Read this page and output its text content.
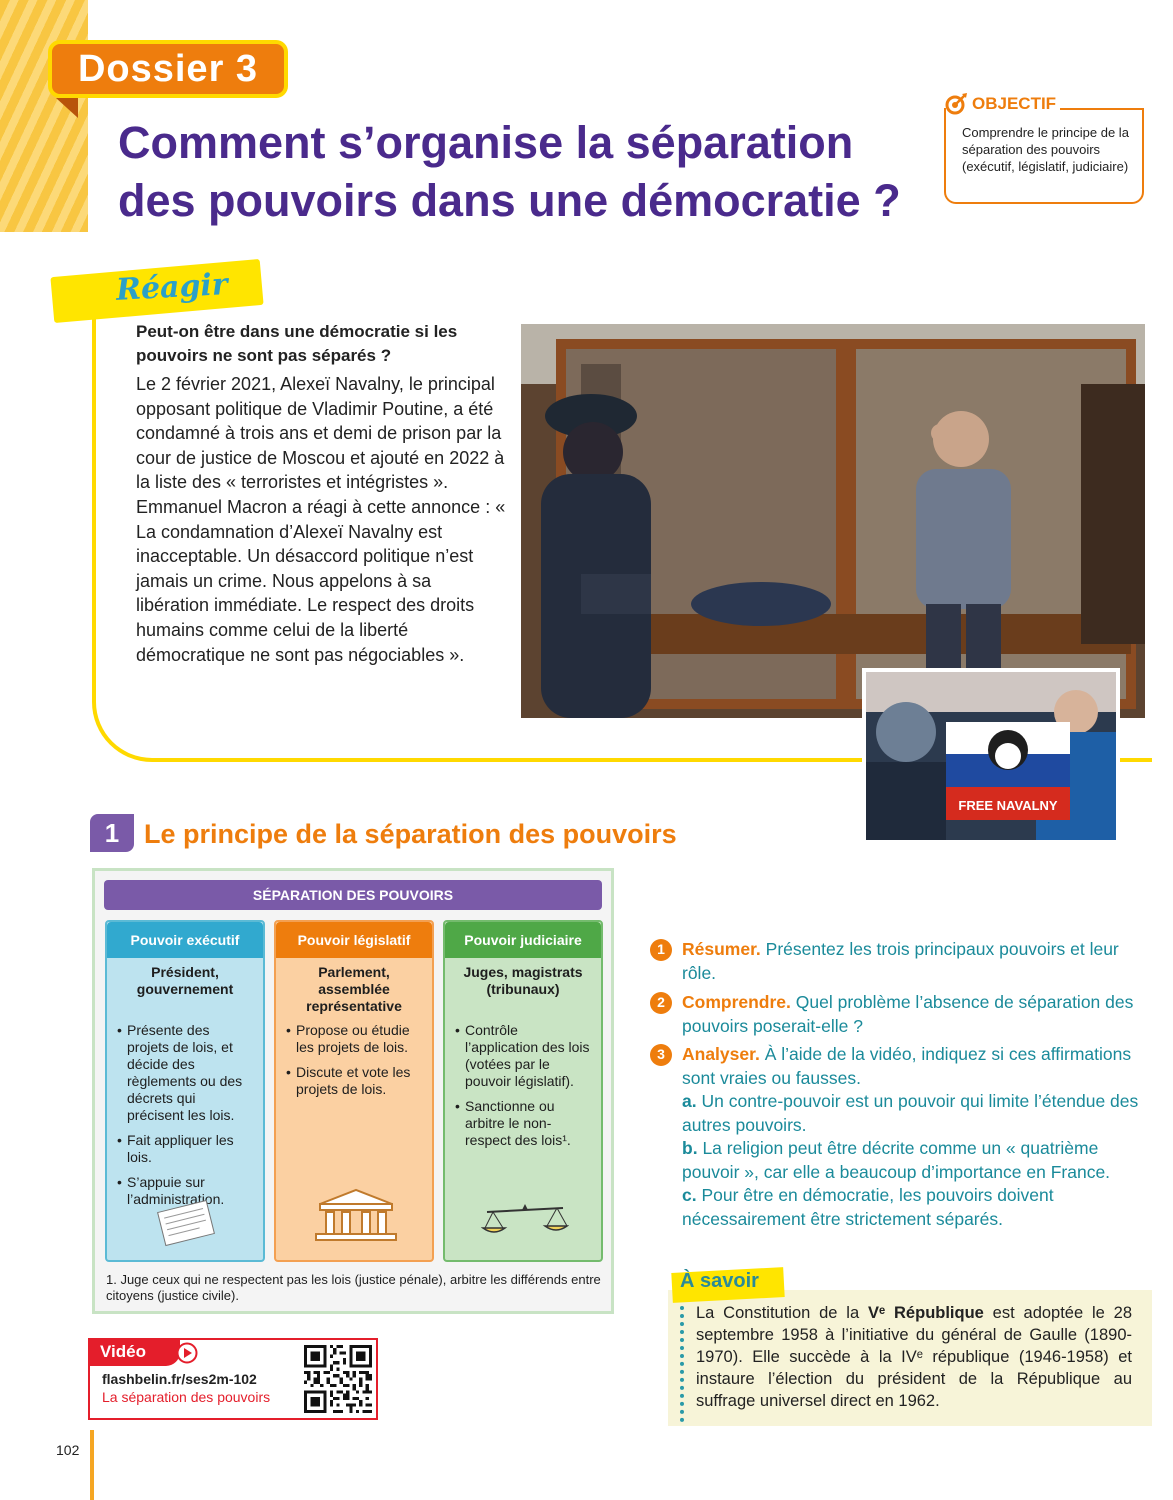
Dossier 3
Comment s’organise la séparation des pouvoirs dans une démocratie ?
OBJECTIF
Comprendre le principe de la séparation des pouvoirs (exécutif, législatif, judiciaire)
Réagir
Peut-on être dans une démocratie si les pouvoirs ne sont pas séparés ?
Le 2 février 2021, Alexeï Navalny, le principal opposant politique de Vladimir Poutine, a été condamné à trois ans et demi de prison par la cour de justice de Moscou et ajouté en 2022 à la liste des « terroristes et intégristes ». Emmanuel Macron a réagi à cette annonce : « La condamnation d’Alexeï Navalny est inacceptable. Un désaccord politique n’est jamais un crime. Nous appelons à sa libération immédiate. Le respect des droits humains comme celui de la liberté démocratique ne sont pas négociables ».
FREE NAVALNY
1 Le principe de la séparation des pouvoirs
SÉPARATION DES POUVOIRS
Pouvoir exécutif
Président, gouvernement
• Présente des projets de lois, et décide des règlements ou des décrets qui précisent les lois.
• Fait appliquer les lois.
• S’appuie sur l’administration.
Pouvoir législatif
Parlement, assemblée représentative
• Propose ou étudie les projets de lois.
• Discute et vote les projets de lois.
Pouvoir judiciaire
Juges, magistrats (tribunaux)
• Contrôle l’application des lois (votées par le pouvoir législatif).
• Sanctionne ou arbitre le non-respect des lois¹.
1. Juge ceux qui ne respectent pas les lois (justice pénale), arbitre les différends entre citoyens (justice civile).
Vidéo
flashbelin.fr/ses2m-102
La séparation des pouvoirs
1 Résumer. Présentez les trois principaux pouvoirs et leur rôle.
2 Comprendre. Quel problème l’absence de séparation des pouvoirs poserait-elle ?
3 Analyser. À l’aide de la vidéo, indiquez si ces affirmations sont vraies ou fausses.
a. Un contre-pouvoir est un pouvoir qui limite l’étendue des autres pouvoirs.
b. La religion peut être décrite comme un « quatrième pouvoir », car elle a beaucoup d’importance en France.
c. Pour être en démocratie, les pouvoirs doivent nécessairement être strictement séparés.
À savoir
La Constitution de la Vᵉ République est adoptée le 28 septembre 1958 à l’initiative du général de Gaulle (1890-1970). Elle succède à la IVᵉ république (1946-1958) et instaure l’élection du président de la République au suffrage universel direct en 1962.
102
